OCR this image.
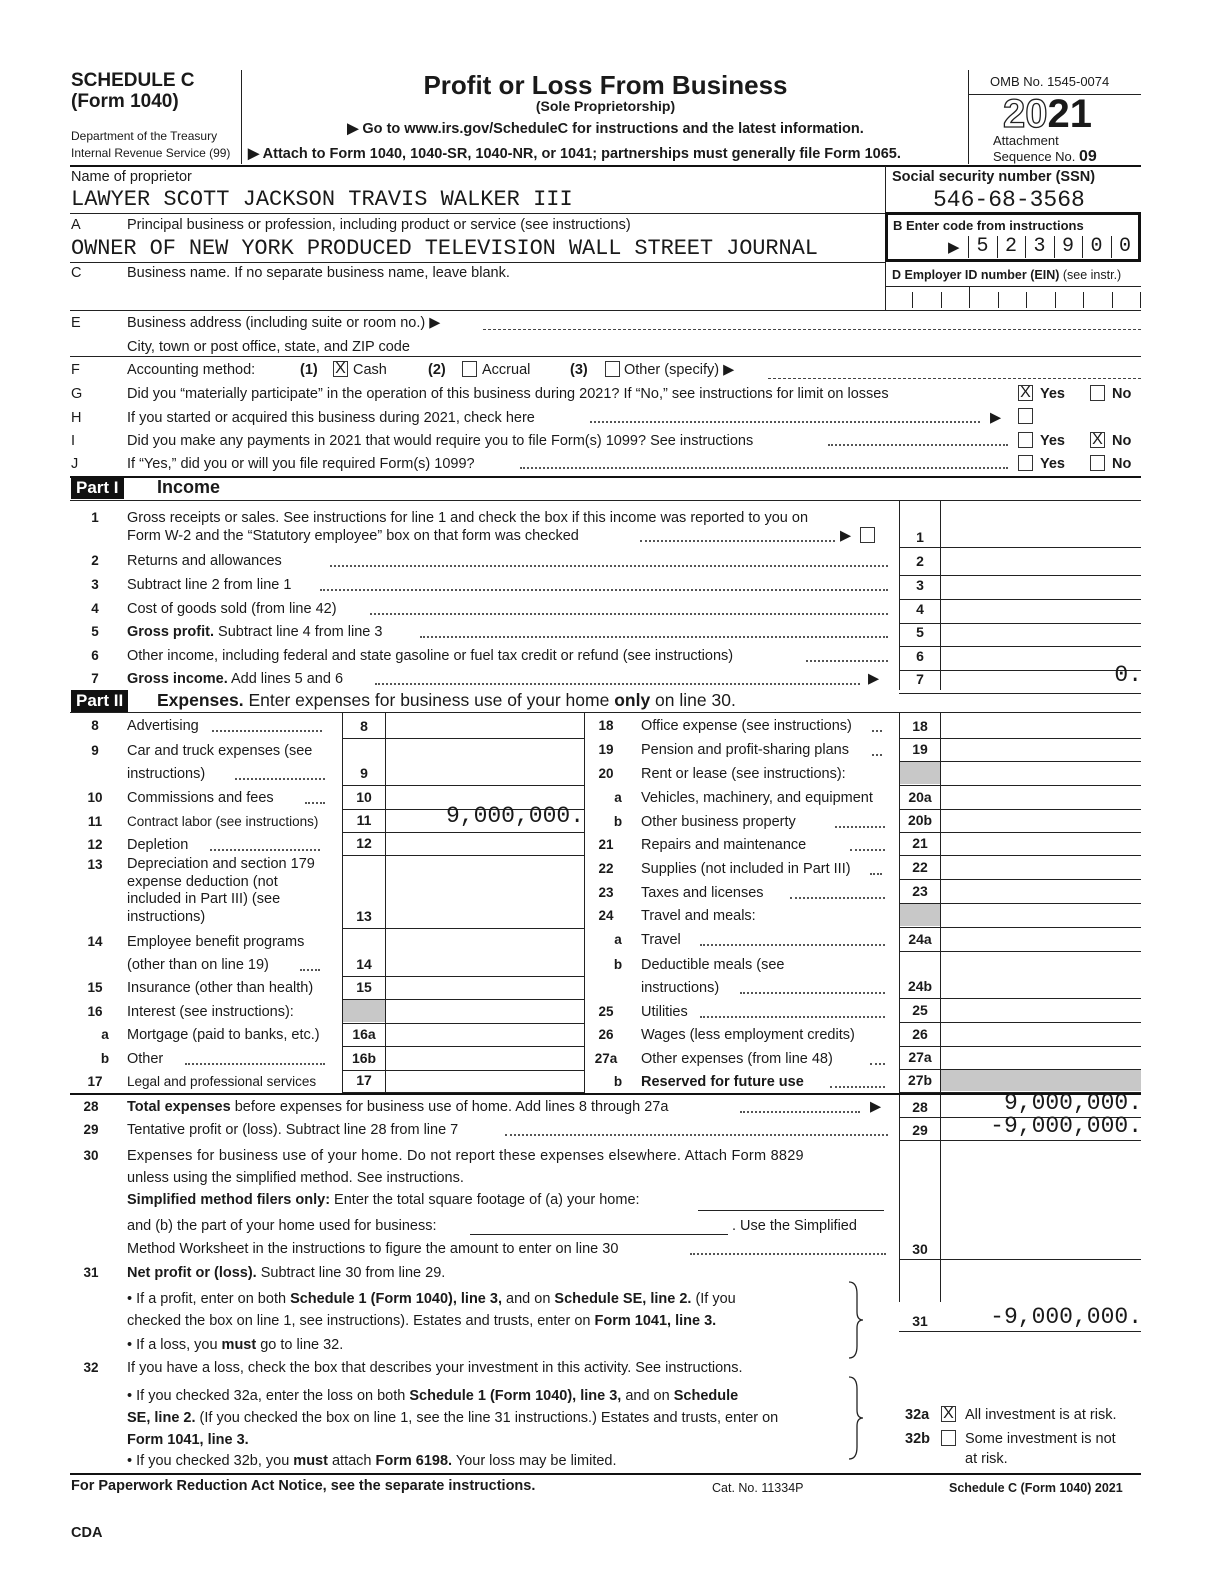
SCHEDULE C
(Form 1040)
Department of the Treasury
Internal Revenue Service (99)
Profit or Loss From Business
(Sole Proprietorship)
▶ Go to www.irs.gov/ScheduleC for instructions and the latest information.
▶ Attach to Form 1040, 1040-SR, 1040-NR, or 1041; partnerships must generally file Form 1065.
OMB No. 1545-0074
2021
Attachment
Sequence No. 09
Name of proprietor
LAWYER SCOTT JACKSON TRAVIS WALKER III
Social security number (SSN)
546-68-3568
A	Principal business or profession, including product or service (see instructions)
OWNER OF NEW YORK PRODUCED TELEVISION WALL STREET JOURNAL
B Enter code from instructions
▶ 5 2 3 9 0 0
C	Business name. If no separate business name, leave blank.	D Employer ID number (EIN) (see instr.)
E	Business address (including suite or room no.) ▶
City, town or post office, state, and ZIP code
F	Accounting method:	(1) X Cash	(2)	Accrual	(3)	Other (specify) ▶
G	Did you “materially participate” in the operation of this business during 2021? If “No,” see instructions for limit on losses	X Yes	No
H	If you started or acquired this business during 2021, check here	▶
I	Did you make any payments in 2021 that would require you to file Form(s) 1099? See instructions	Yes X No
J	If “Yes,” did you or will you file required Form(s) 1099?	Yes	No
Part I Income
1	Gross receipts or sales. See instructions for line 1 and check the box if this income was reported to you on
Form W-2 and the “Statutory employee” box on that form was checked	▶	1
2	Returns and allowances	2
3	Subtract line 2 from line 1	3
4	Cost of goods sold (from line 42)	4
5	Gross profit. Subtract line 4 from line 3	5
6	Other income, including federal and state gasoline or fuel tax credit or refund (see instructions)	6
7	Gross income. Add lines 5 and 6	▶	7	0.
Part II Expenses. Enter expenses for business use of your home only on line 30.
8	Advertising	8
9	Car and truck expenses (see
instructions)	9
10	Commissions and fees	10
11	Contract labor (see instructions)	11	9,000,000.
12	Depletion	12
13	Depreciation and section 179
expense deduction (not
included in Part III) (see
instructions)	13
14	Employee benefit programs
(other than on line 19)	14
15	Insurance (other than health)	15
16	Interest (see instructions):
a Mortgage (paid to banks, etc.)	16a
b Other	16b
17	Legal and professional services	17
18	Office expense (see instructions)	18
19	Pension and profit-sharing plans	19
20	Rent or lease (see instructions):
a Vehicles, machinery, and equipment	20a
b Other business property	20b
21	Repairs and maintenance	21
22	Supplies (not included in Part III)	22
23	Taxes and licenses	23
24	Travel and meals:
a Travel	24a
b Deductible meals (see
instructions)	24b
25	Utilities	25
26	Wages (less employment credits)	26
27a Other expenses (from line 48)	27a
b Reserved for future use	27b
28	Total expenses before expenses for business use of home. Add lines 8 through 27a	▶	28	9,000,000.
29	Tentative profit or (loss). Subtract line 28 from line 7	29	-9,000,000.
30	Expenses for business use of your home. Do not report these expenses elsewhere. Attach Form 8829
unless using the simplified method. See instructions.
Simplified method filers only: Enter the total square footage of (a) your home:
and (b) the part of your home used for business:	. Use the Simplified
Method Worksheet in the instructions to figure the amount to enter on line 30	30
31	Net profit or (loss). Subtract line 30 from line 29.
• If a profit, enter on both Schedule 1 (Form 1040), line 3, and on Schedule SE, line 2. (If you
checked the box on line 1, see instructions). Estates and trusts, enter on Form 1041, line 3.
• If a loss, you must go to line 32.
31	-9,000,000.
32	If you have a loss, check the box that describes your investment in this activity. See instructions.
• If you checked 32a, enter the loss on both Schedule 1 (Form 1040), line 3, and on Schedule
SE, line 2. (If you checked the box on line 1, see the line 31 instructions.) Estates and trusts, enter on
Form 1041, line 3.
• If you checked 32b, you must attach Form 6198. Your loss may be limited.
32a X All investment is at risk.
32b Some investment is not
at risk.
For Paperwork Reduction Act Notice, see the separate instructions.	Cat. No. 11334P	Schedule C (Form 1040) 2021
CDA
